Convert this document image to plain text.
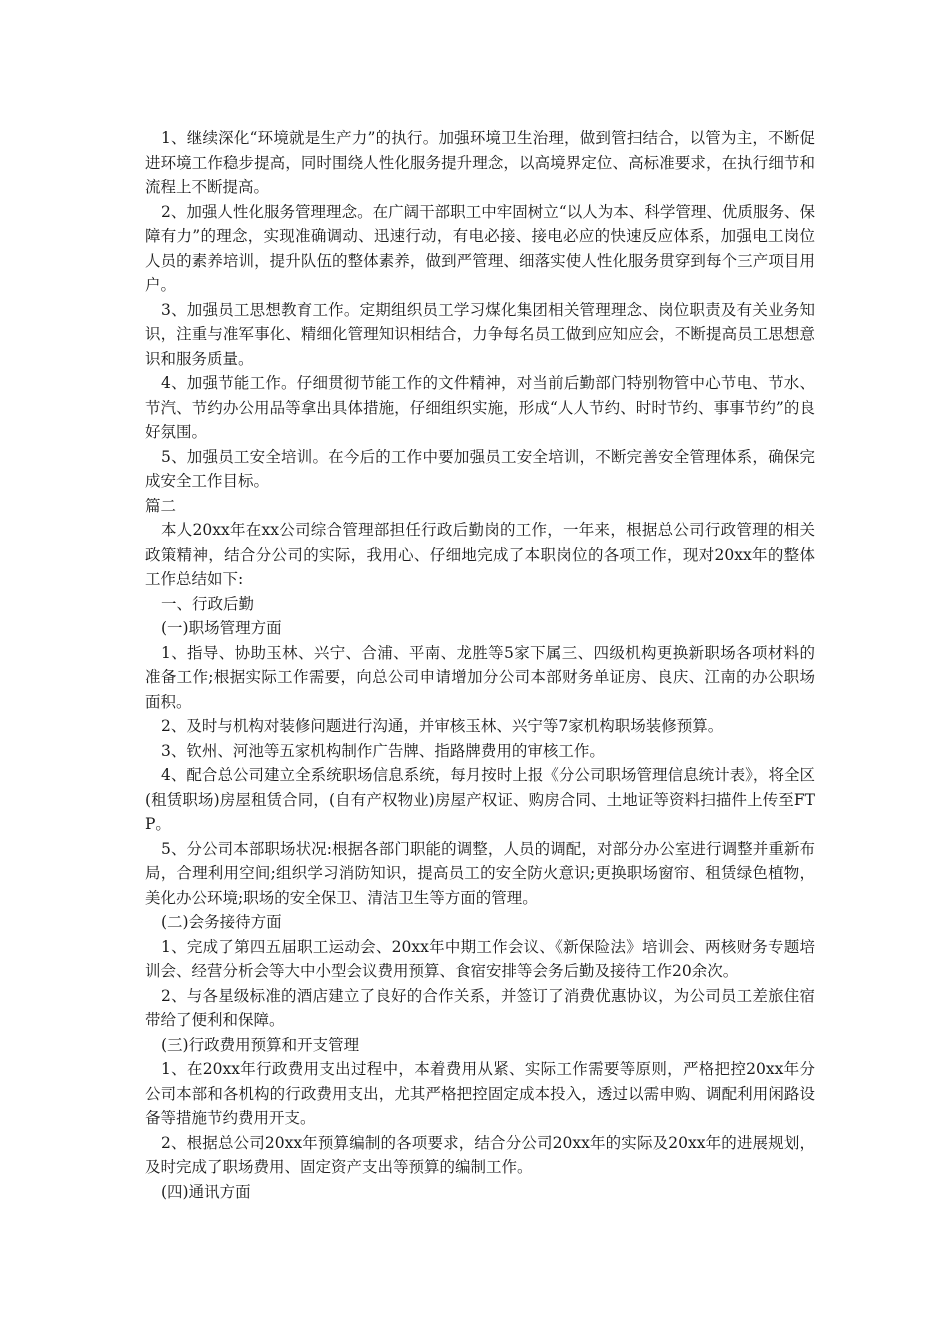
1、继续深化“环境就是生产力”的执行。加强环境卫生治理，做到管扫结合，以管为主，不断促进环境工作稳步提高，同时围绕人性化服务提升理念，以高境界定位、高标准要求，在执行细节和流程上不断提高。

2、加强人性化服务管理理念。在广阔干部职工中牢固树立“以人为本、科学管理、优质服务、保障有力”的理念，实现准确调动、迅速行动，有电必接、接电必应的快速反应体系，加强电工岗位人员的素养培训，提升队伍的整体素养，做到严管理、细落实使人性化服务贯穿到每个三产项目用户。

3、加强员工思想教育工作。定期组织员工学习煤化集团相关管理理念、岗位职责及有关业务知识，注重与准军事化、精细化管理知识相结合，力争每名员工做到应知应会，不断提高员工思想意识和服务质量。

4、加强节能工作。仔细贯彻节能工作的文件精神，对当前后勤部门特别物管中心节电、节水、节汽、节约办公用品等拿出具体措施，仔细组织实施，形成“人人节约、时时节约、事事节约”的良好氛围。

5、加强员工安全培训。在今后的工作中要加强员工安全培训，不断完善安全管理体系，确保完成安全工作目标。

篇二

本人20xx年在xx公司综合管理部担任行政后勤岗的工作，一年来，根据总公司行政管理的相关政策精神，结合分公司的实际，我用心、仔细地完成了本职岗位的各项工作，现对20xx年的整体工作总结如下:

一、行政后勤

(一)职场管理方面

1、指导、协助玉林、兴宁、合浦、平南、龙胜等5家下属三、四级机构更换新职场各项材料的准备工作;根据实际工作需要，向总公司申请增加分公司本部财务单证房、良庆、江南的办公职场面积。

2、及时与机构对装修问题进行沟通，并审核玉林、兴宁等7家机构职场装修预算。

3、钦州、河池等五家机构制作广告牌、指路牌费用的审核工作。

4、配合总公司建立全系统职场信息系统，每月按时上报《分公司职场管理信息统计表》，将全区(租赁职场)房屋租赁合同，(自有产权物业)房屋产权证、购房合同、土地证等资料扫描件上传至FTP。

5、分公司本部职场状况:根据各部门职能的调整，人员的调配，对部分办公室进行调整并重新布局，合理利用空间;组织学习消防知识，提高员工的安全防火意识;更换职场窗帘、租赁绿色植物，美化办公环境;职场的安全保卫、清洁卫生等方面的管理。

(二)会务接待方面

1、完成了第四五届职工运动会、20xx年中期工作会议、《新保险法》培训会、两核财务专题培训会、经营分析会等大中小型会议费用预算、食宿安排等会务后勤及接待工作20余次。

2、与各星级标准的酒店建立了良好的合作关系，并签订了消费优惠协议，为公司员工差旅住宿带给了便利和保障。

(三)行政费用预算和开支管理

1、在20xx年行政费用支出过程中，本着费用从紧、实际工作需要等原则，严格把控20xx年分公司本部和各机构的行政费用支出，尤其严格把控固定成本投入，透过以需申购、调配利用闲路设备等措施节约费用开支。

2、根据总公司20xx年预算编制的各项要求，结合分公司20xx年的实际及20xx年的进展规划，及时完成了职场费用、固定资产支出等预算的编制工作。

(四)通讯方面
